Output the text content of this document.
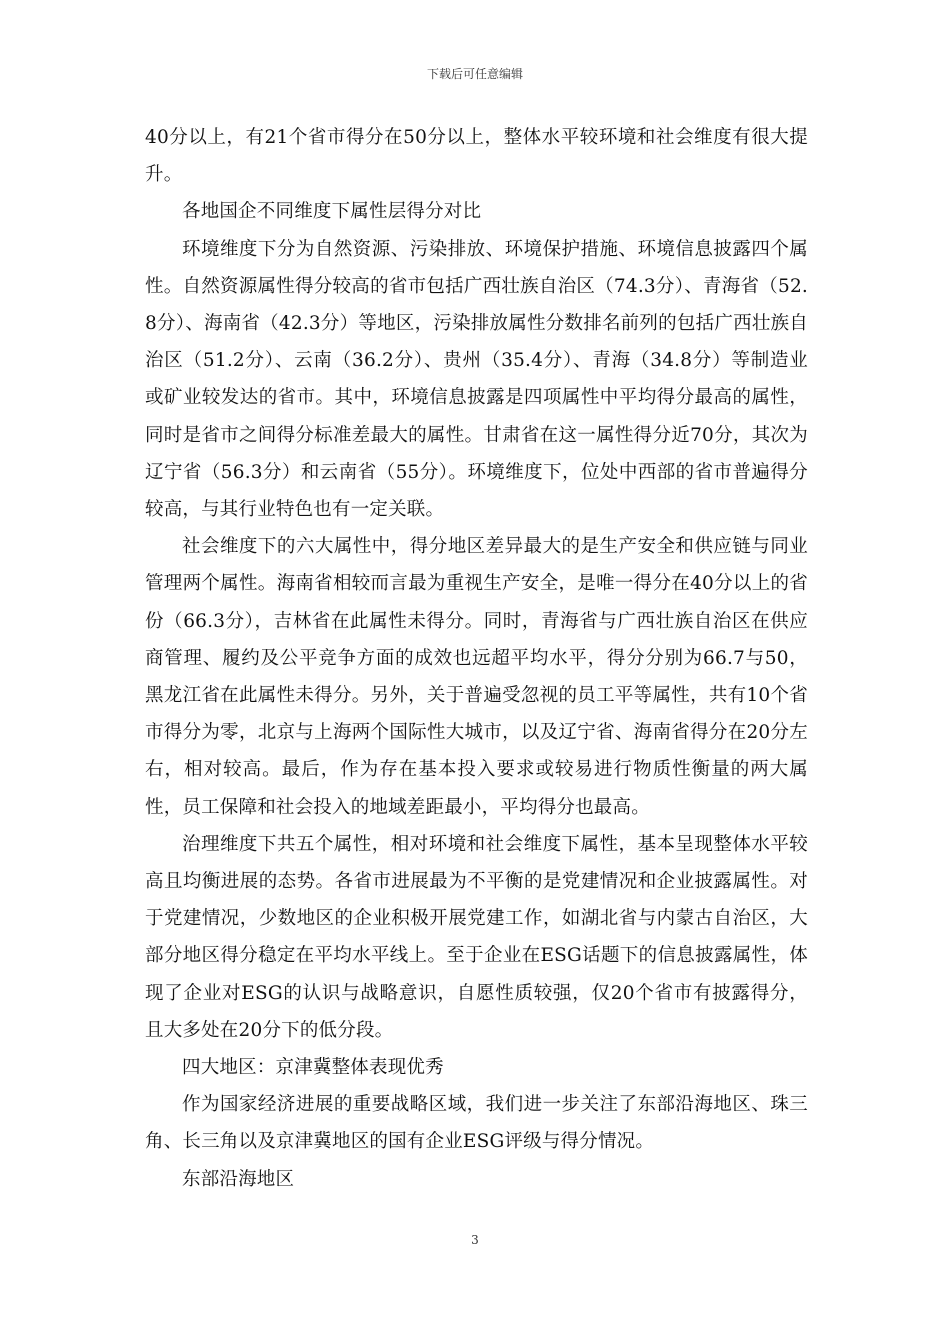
下载后可任意编辑

40分以上，有21个省市得分在50分以上，整体水平较环境和社会维度有很大提升。

各地国企不同维度下属性层得分对比

环境维度下分为自然资源、污染排放、环境保护措施、环境信息披露四个属性。自然资源属性得分较高的省市包括广西壮族自治区（74.3分）、青海省（52.8分）、海南省（42.3分）等地区，污染排放属性分数排名前列的包括广西壮族自治区（51.2分）、云南（36.2分）、贵州（35.4分）、青海（34.8分）等制造业或矿业较发达的省市。其中，环境信息披露是四项属性中平均得分最高的属性，同时是省市之间得分标准差最大的属性。甘肃省在这一属性得分近70分，其次为辽宁省（56.3分）和云南省（55分）。环境维度下，位处中西部的省市普遍得分较高，与其行业特色也有一定关联。

社会维度下的六大属性中，得分地区差异最大的是生产安全和供应链与同业管理两个属性。海南省相较而言最为重视生产安全，是唯一得分在40分以上的省份（66.3分），吉林省在此属性未得分。同时，青海省与广西壮族自治区在供应商管理、履约及公平竞争方面的成效也远超平均水平，得分分别为66.7与50，黑龙江省在此属性未得分。另外，关于普遍受忽视的员工平等属性，共有10个省市得分为零，北京与上海两个国际性大城市，以及辽宁省、海南省得分在20分左右，相对较高。最后，作为存在基本投入要求或较易进行物质性衡量的两大属性，员工保障和社会投入的地域差距最小，平均得分也最高。

治理维度下共五个属性，相对环境和社会维度下属性，基本呈现整体水平较高且均衡进展的态势。各省市进展最为不平衡的是党建情况和企业披露属性。对于党建情况，少数地区的企业积极开展党建工作，如湖北省与内蒙古自治区，大部分地区得分稳定在平均水平线上。至于企业在ESG话题下的信息披露属性，体现了企业对ESG的认识与战略意识，自愿性质较强，仅20个省市有披露得分，且大多处在20分下的低分段。

四大地区：京津冀整体表现优秀

作为国家经济进展的重要战略区域，我们进一步关注了东部沿海地区、珠三角、长三角以及京津冀地区的国有企业ESG评级与得分情况。

东部沿海地区

3
